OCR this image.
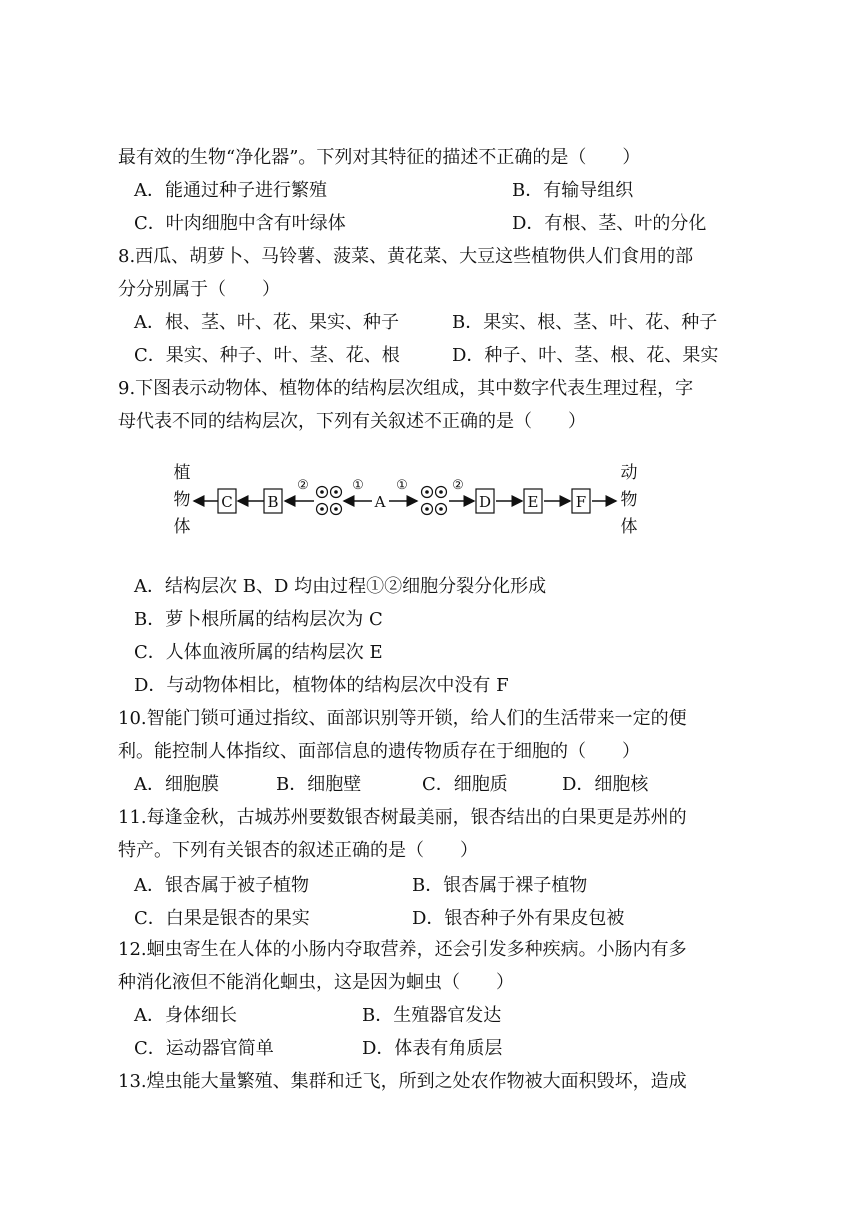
最有效的生物“净化器”。下列对其特征的描述不正确的是（　　）
A．能通过种子进行繁殖	B．有输导组织
C．叶肉细胞中含有叶绿体	D．有根、茎、叶的分化
8.西瓜、胡萝卜、马铃薯、菠菜、黄花菜、大豆这些植物供人们食用的部
分分别属于（　　）
A．根、茎、叶、花、果实、种子	B．果实、根、茎、叶、花、种子
C．果实、种子、叶、茎、花、根	D．种子、叶、茎、根、花、果实
9.下图表示动物体、植物体的结构层次组成，其中数字代表生理过程，字
母代表不同的结构层次，下列有关叙述不正确的是（　　）
植
物
体
C B
②	①
A
①	②
D E F
动
物
体
A．结构层次 B、D 均由过程①②细胞分裂分化形成
B．萝卜根所属的结构层次为 C
C．人体血液所属的结构层次 E
D．与动物体相比，植物体的结构层次中没有 F
10.智能门锁可通过指纹、面部识别等开锁，给人们的生活带来一定的便
利。能控制人体指纹、面部信息的遗传物质存在于细胞的（　　）
A．细胞膜	B．细胞壁	C．细胞质	D．细胞核
11.每逢金秋，古城苏州要数银杏树最美丽，银杏结出的白果更是苏州的
特产。下列有关银杏的叙述正确的是（　　）
A．银杏属于被子植物	B．银杏属于裸子植物
C．白果是银杏的果实	D．银杏种子外有果皮包被
12.蛔虫寄生在人体的小肠内夺取营养，还会引发多种疾病。小肠内有多
种消化液但不能消化蛔虫，这是因为蛔虫（　　）
A．身体细长	B．生殖器官发达
C．运动器官简单	D．体表有角质层
13.煌虫能大量繁殖、集群和迁飞，所到之处农作物被大面积毁坏，造成
